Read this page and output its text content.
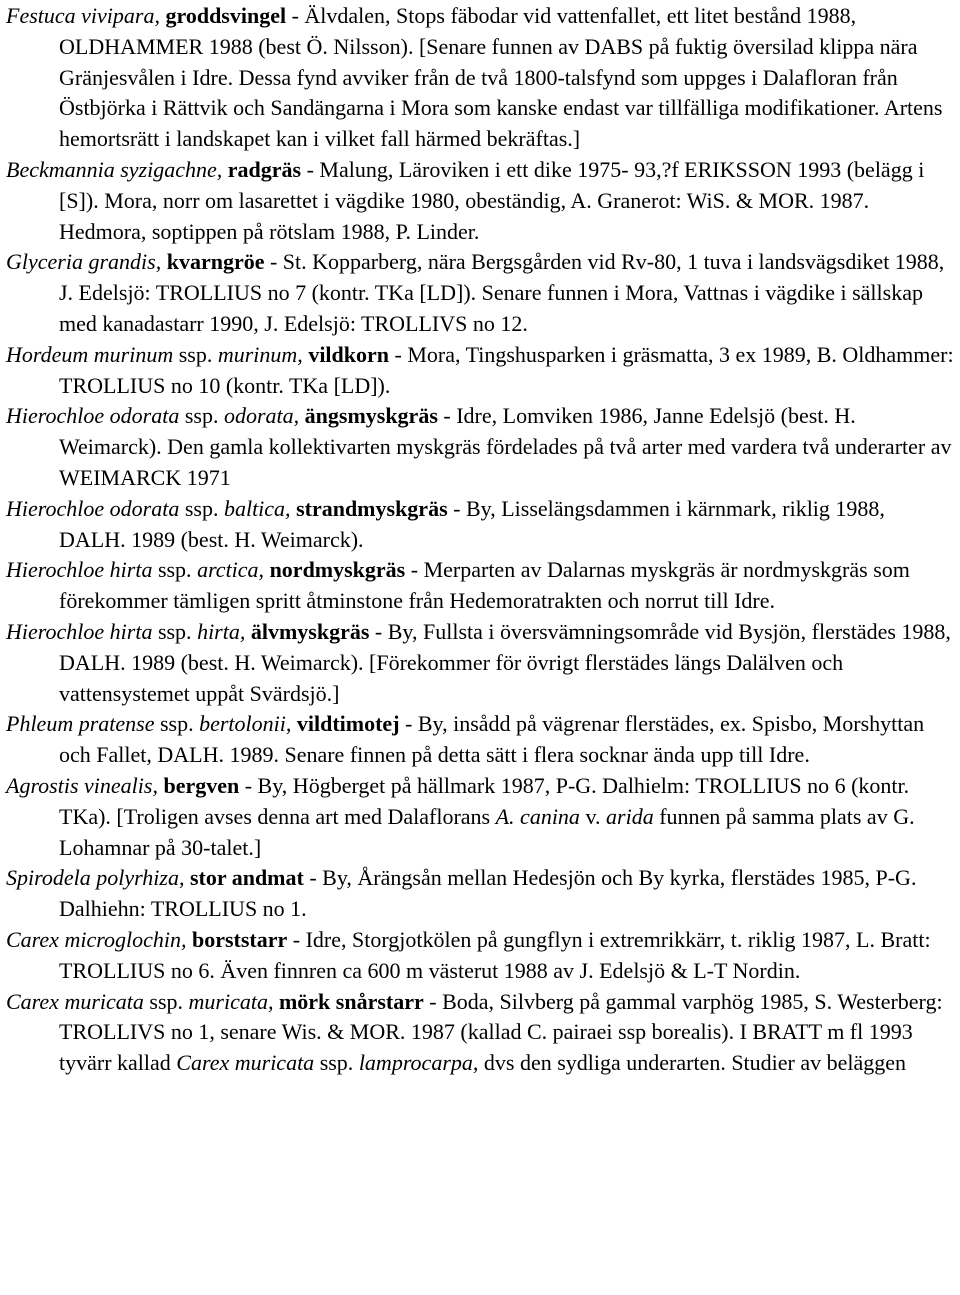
Festuca vivipara, groddsvingel - Älvdalen, Stops fäbodar vid vattenfallet, ett litet bestånd 1988, OLDHAMMER 1988 (best Ö. Nilsson). [Senare funnen av DABS på fuktig översilad klippa nära Gränjesvålen i Idre. Dessa fynd avviker från de två 1800-talsfynd som uppges i Dalafloran från Östbjörka i Rättvik och Sandängarna i Mora som kanske endast var tillfälliga modifikationer. Artens hemortsrätt i landskapet kan i vilket fall härmed bekräftas.]

Beckmannia syzigachne, radgräs - Malung, Läroviken i ett dike 1975- 93,?f ERIKSSON 1993 (belägg i [S]). Mora, norr om lasarettet i vägdike 1980, obeständig, A. Granerot: WiS. & MOR. 1987. Hedmora, soptippen på rötslam 1988, P. Linder.

Glyceria grandis, kvarngröe - St. Kopparberg, nära Bergsgården vid Rv-80, 1 tuva i landsvägsdiket 1988, J. Edelsjö: TROLLIUS no 7 (kontr. TKa [LD]). Senare funnen i Mora, Vattnas i vägdike i sällskap med kanadastarr 1990, J. Edelsjö: TROLLIVS no 12.

Hordeum murinum ssp. murinum, vildkorn - Mora, Tingshusparken i gräsmatta, 3 ex 1989, B. Oldhammer: TROLLIUS no 10 (kontr. TKa [LD]).

Hierochloe odorata ssp. odorata, ängsmyskgräs - Idre, Lomviken 1986, Janne Edelsjö (best. H. Weimarck). Den gamla kollektivarten myskgräs fördelades på två arter med vardera två underarter av WEIMARCK 1971

Hierochloe odorata ssp. baltica, strandmyskgräs - By, Lisselängsdammen i kärnmark, riklig 1988, DALH. 1989 (best. H. Weimarck).

Hierochloe hirta ssp. arctica, nordmyskgräs - Merparten av Dalarnas myskgräs är nordmyskgräs som förekommer tämligen spritt åtminstone från Hedemoratrakten och norrut till Idre.

Hierochloe hirta ssp. hirta, älvmyskgräs - By, Fullsta i översvämningsområde vid Bysjön, flerstädes 1988, DALH. 1989 (best. H. Weimarck). [Förekommer för övrigt flerstädes längs Dalälven och vattensystemet uppåt Svärdsjö.]

Phleum pratense ssp. bertolonii, vildtimotej - By, insådd på vägrenar flerstädes, ex. Spisbo, Morshyttan och Fallet, DALH. 1989. Senare finnen på detta sätt i flera socknar ända upp till Idre.

Agrostis vinealis, bergven - By, Högberget på hällmark 1987, P-G. Dalhielm: TROLLIUS no 6 (kontr. TKa). [Troligen avses denna art med Dalaflorans A. canina v. arida funnen på samma plats av G. Lohamnar på 30-talet.]

Spirodela polyrhiza, stor andmat - By, Årängsån mellan Hedesjön och By kyrka, flerstädes 1985, P-G. Dalhiehn: TROLLIUS no 1.

Carex microglochin, borststarr - Idre, Storgjotkölen på gungflyn i extremrikkärr, t. riklig 1987, L. Bratt: TROLLIUS no 6. Även finnren ca 600 m västerut 1988 av J. Edelsjö & L-T Nordin.

Carex muricata ssp. muricata, mörk snårstarr - Boda, Silvberg på gammal varphög 1985, S. Westerberg: TROLLIVS no 1, senare Wis. & MOR. 1987 (kallad C. pairaei ssp borealis). I BRATT m fl 1993 tyvärr kallad Carex muricata ssp. lamprocarpa, dvs den sydliga underarten. Studier av beläggen
